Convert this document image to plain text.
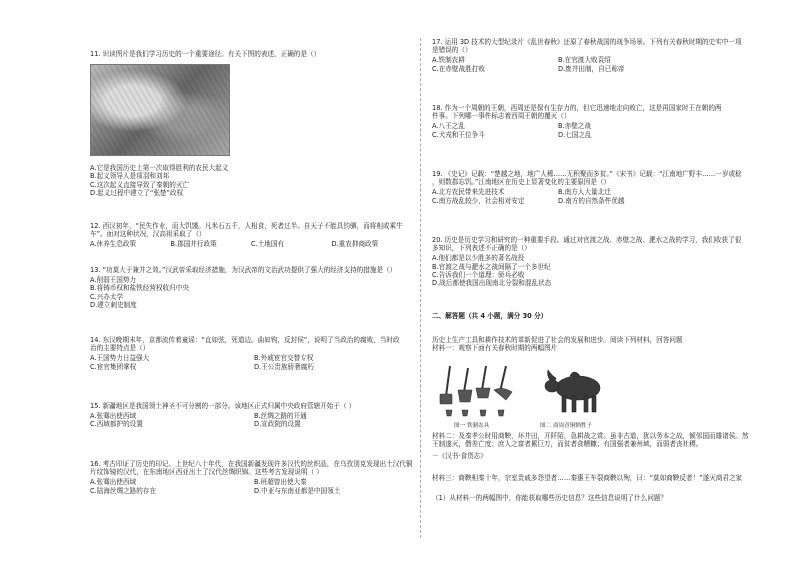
11. 识读图片是我们学习历史的一个重要途径。有关下图的表述，正确的是（）
A.它是我国历史上第一次取得胜利的农民大起义
B.起义领导人是项羽和刘邦
C.这次起义直接导致了秦朝的灭亡
D.起义过程中建立了“张楚”政权
12. 西汉初年，“民失作业，而大饥馑。凡米石五千，人相食，死者过半。自天子不能具钧驷，而将相或乘牛
车”。面对这种状况，汉高祖采取了（）
A.休养生息政策	B.郡国并行政策	C.土地国有	D.重农抑商政策
13. “功莫大于兼并之效。”汉武帝采取经济措施，为汉武帝的文治武功提供了强大的经济支持的措施是（）
A.削弱王国势力
B.将铸币权和盐铁经营权收归中央
C.兴办太学
D.建立刺史制度
14. 东汉晚期末年，京都流传着童谣：“直如弦，死道边。曲如钩，反封侯”，说明了当政治的腐败，当时政
治的主要特点是（）
A.王国势力日益强大	B.外戚宦官交替专权
C.宦官集团掌权	D.王公贵族骄奢腐朽
15. 新疆地区是我国领土神圣不可分割的一部分。该地区正式归属中央政府管辖开始于（ ）
A.张骞出使西域	B.丝绸之路的开通
C.西域都护的设置	D.宣政院的设置
16. 考古印证了历史的印记。上世纪八十年代，在我国新疆发现许多汉代的丝织品，在乌孜别克发现出土汉代铜
片纹饰镜的汉代，在东南地区西亚出土了汉代丝绸织锦。这些考古发现说明（ ）
A.张骞出使西域	B.班超曾出使大秦
C.陆海丝绸之路的存在	D.中亚与东南亚都是中国领土
17. 运用 3D 技术的大型纪录片《乱世春秋》还原了春秋战国的战争场景。下列有关春秋时期的史实中一项
是错误的（）
A.铁制农耕	B.在官渡大败袁绍
C.在赤壁战胜打败	D.废井田制，自已称帝
18. 作为一个周朝的王朝，西周还是保有生存力的，但它迅速地走向败亡，这是再国家时王在朝的两
件事。下列哪一事件标志着西周王朝的覆灭（）
A.八王之乱	B.赤壁之战
C.犬戎和王位争斗	D.七国之乱
19. 《史记》记载：“楚越之地，地广人稀……无积聚而多贫。”《宋书》记载：“江南地广野丰……一岁或稔
，则数郡忘饥。”江南地区在历史上显著变化的主要原因是（）
A.北方农民带来先进技术	B.南方人大量北迁
C.南方战乱较少，社会相对安定	D.南方的自然条件优越
20. 历史是历史学习和研究的一种重要手段。通过对官渡之战、赤壁之战、淝水之战的学习，我们收获了很
多知识，下列表述不正确的是（）
A.他们都是以少胜多的著名战役
B.官渡之战与淝水之战间隔了一个多世纪
C.告诉我们一个道理：骄兵必败
D.战后都使我国出现南北分裂和混乱状态
二、解答题（共 4 小题，满分 30 分）
历史上生产工具和耕作技术的革新促进了社会的发展和进步。阅读下列材料，回答问题
材料一：观察下面有关春秋时期的两幅图片
图一 铁制农具	图二 商周青铜牺牲子
材料二：及秦孝公时用商鞅，坏井田，开阡陌，急耕战之赏。虽非古道，犹以务本之故，倾邻国而雄诸侯。然
王制遂灭，僭差亡度；庶人之富者累巨万，而贫者食糟糠；有国强者兼州域，而弱者丧社稷。
－《汉书·食货志》
材料三：商鞅相秦十年，宗室贵戚多怨望者……秦惠王车裂商鞅以殉，曰：“莫如商鞅反者！”遂灭商君之家
（1）从材料一的两幅图中，你能获取哪些历史信息？这些信息说明了什么问题？
